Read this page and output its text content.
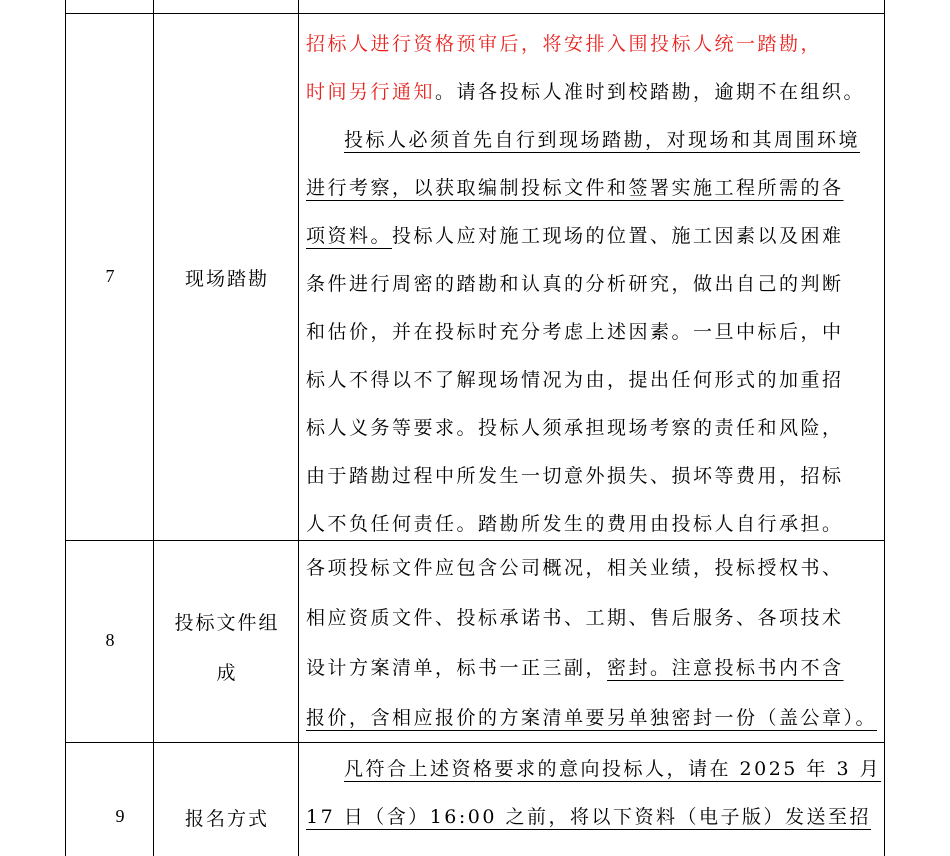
7	现场踏勘
招标人进行资格预审后，将安排入围投标人统一踏勘，
时间另行通知。请各投标人准时到校踏勘，逾期不在组织。
投标人必须首先自行到现场踏勘，对现场和其周围环境
进行考察，以获取编制投标文件和签署实施工程所需的各
项资料。投标人应对施工现场的位置、施工因素以及困难
条件进行周密的踏勘和认真的分析研究，做出自己的判断
和估价，并在投标时充分考虑上述因素。一旦中标后，中
标人不得以不了解现场情况为由，提出任何形式的加重招
标人义务等要求。投标人须承担现场考察的责任和风险，
由于踏勘过程中所发生一切意外损失、损坏等费用，招标
人不负任何责任。踏勘所发生的费用由投标人自行承担。
8
投标文件组
成
各项投标文件应包含公司概况，相关业绩，投标授权书、
相应资质文件、投标承诺书、工期、售后服务、各项技术
设计方案清单，标书一正三副，密封。注意投标书内不含
报价，含相应报价的方案清单要另单独密封一份（盖公章）。
9	报名方式
凡符合上述资格要求的意向投标人，请在 2025 年 3 月
17 日（含）16:00 之前，将以下资料（电子版）发送至招
